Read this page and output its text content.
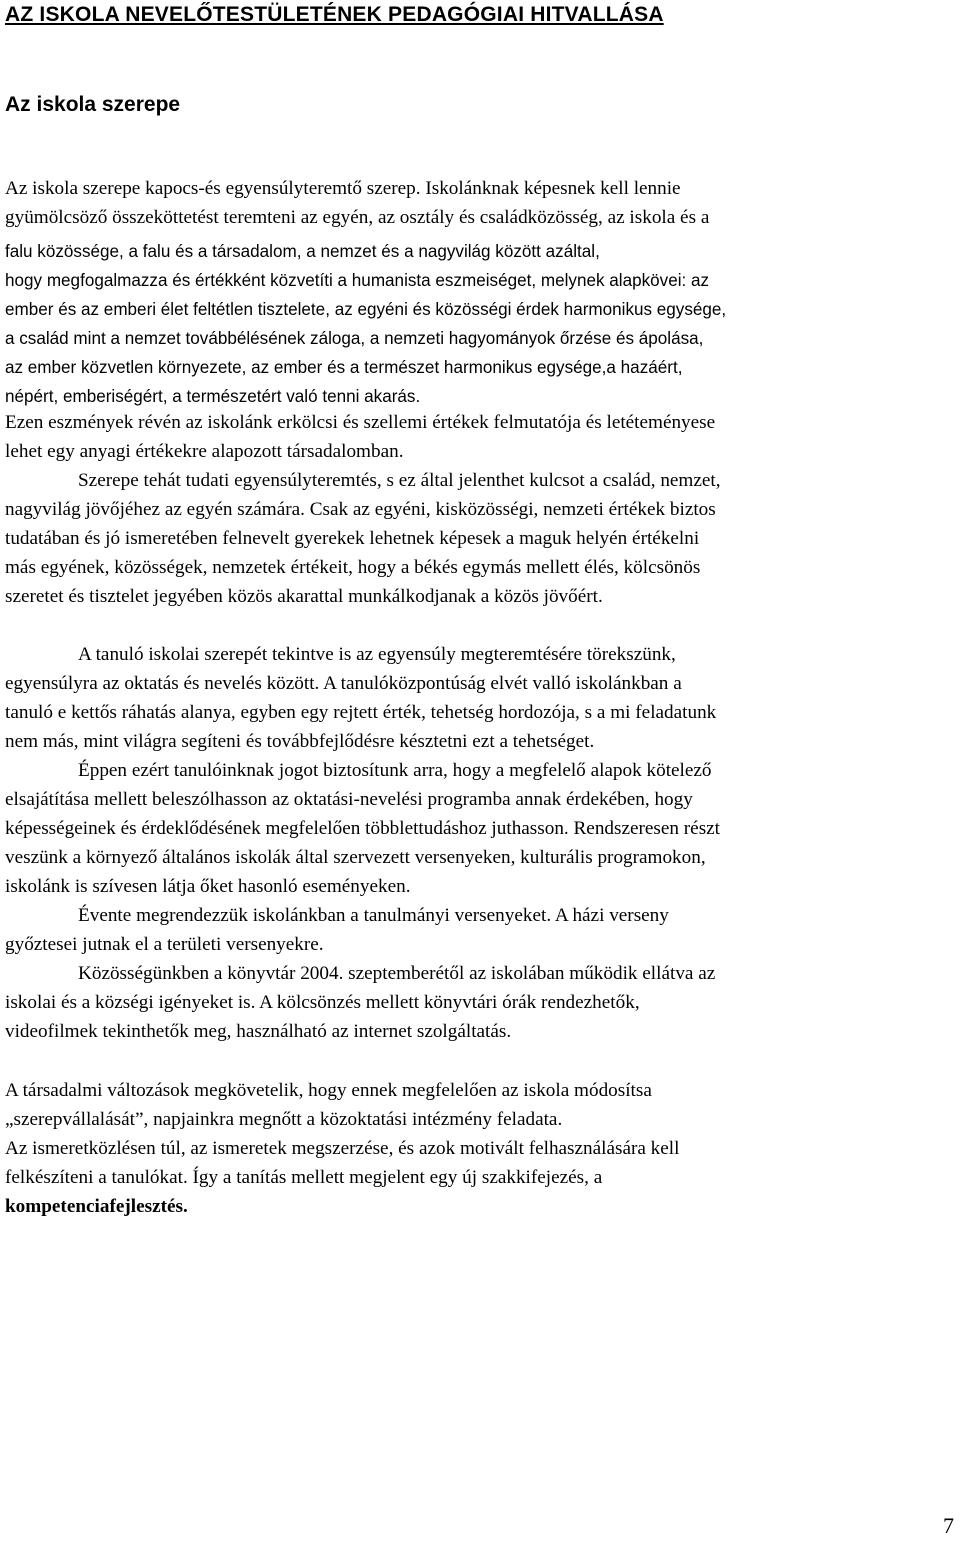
AZ ISKOLA NEVELŐTESTÜLETÉNEK PEDAGÓGIAI HITVALLÁSA
Az iskola szerepe
Az iskola szerepe kapocs-és egyensúlyteremtő szerep. Iskolánknak képesnek kell lennie
gyümölcsöző összeköttetést teremteni az egyén, az osztály és családközösség, az iskola és a
falu közössége, a falu és a társadalom, a nemzet és a nagyvilág között azáltal,
hogy megfogalmazza és értékként közvetíti a humanista eszmeiséget, melynek alapkövei: az
ember és az emberi élet feltétlen tisztelete, az egyéni és közösségi érdek harmonikus egysége,
a család mint a nemzet továbbélésének záloga, a nemzeti hagyományok őrzése és ápolása,
az ember közvetlen környezete, az ember és a természet harmonikus egysége,a hazáért,
népért, emberiségért, a természetért való tenni akarás.
Ezen eszmények révén az iskolánk erkölcsi és szellemi értékek felmutatója és letéteményese
lehet egy anyagi értékekre alapozott társadalomban.
Szerepe tehát tudati egyensúlyteremtés, s ez által jelenthet kulcsot a család, nemzet,
nagyvilág jövőjéhez az egyén számára. Csak az egyéni, kisközösségi, nemzeti értékek biztos
tudatában és jó ismeretében felnevelt gyerekek lehetnek képesek a maguk helyén értékelni
más egyének, közösségek, nemzetek értékeit, hogy a békés egymás mellett élés, kölcsönös
szeretet és tisztelet jegyében közös akarattal munkálkodjanak a közös jövőért.
A tanuló iskolai szerepét tekintve is az egyensúly megteremtésére törekszünk,
egyensúlyra az oktatás és nevelés között. A tanulóközpontúság elvét valló iskolánkban a
tanuló e kettős ráhatás alanya, egyben egy rejtett érték, tehetség hordozója, s a mi feladatunk
nem más, mint világra segíteni és továbbfejlődésre késztetni ezt a tehetséget.
Éppen ezért tanulóinknak jogot biztosítunk arra, hogy a megfelelő alapok kötelező
elsajátítása mellett beleszólhasson az oktatási-nevelési programba annak érdekében, hogy
képességeinek és érdeklődésének megfelelően többlettudáshoz juthasson. Rendszeresen részt
veszünk a környező általános iskolák által szervezett versenyeken, kulturális programokon,
iskolánk is szívesen látja őket hasonló eseményeken.
Évente megrendezzük iskolánkban a tanulmányi versenyeket. A házi verseny
győztesei jutnak el a területi versenyekre.
Közösségünkben a könyvtár 2004. szeptemberétől az iskolában működik ellátva az
iskolai és a községi igényeket is. A kölcsönzés mellett könyvtári órák rendezhetők,
videofilmek tekinthetők meg, használható az internet szolgáltatás.
A társadalmi változások megkövetelik, hogy ennek megfelelően az iskola módosítsa
„szerepvállalását”, napjainkra megnőtt a közoktatási intézmény feladata.
Az ismeretközlésen túl, az ismeretek megszerzése, és azok motivált felhasználására kell
felkészíteni a tanulókat. Így a tanítás mellett megjelent egy új szakkifejezés, a
kompetenciafejlesztés.
7
